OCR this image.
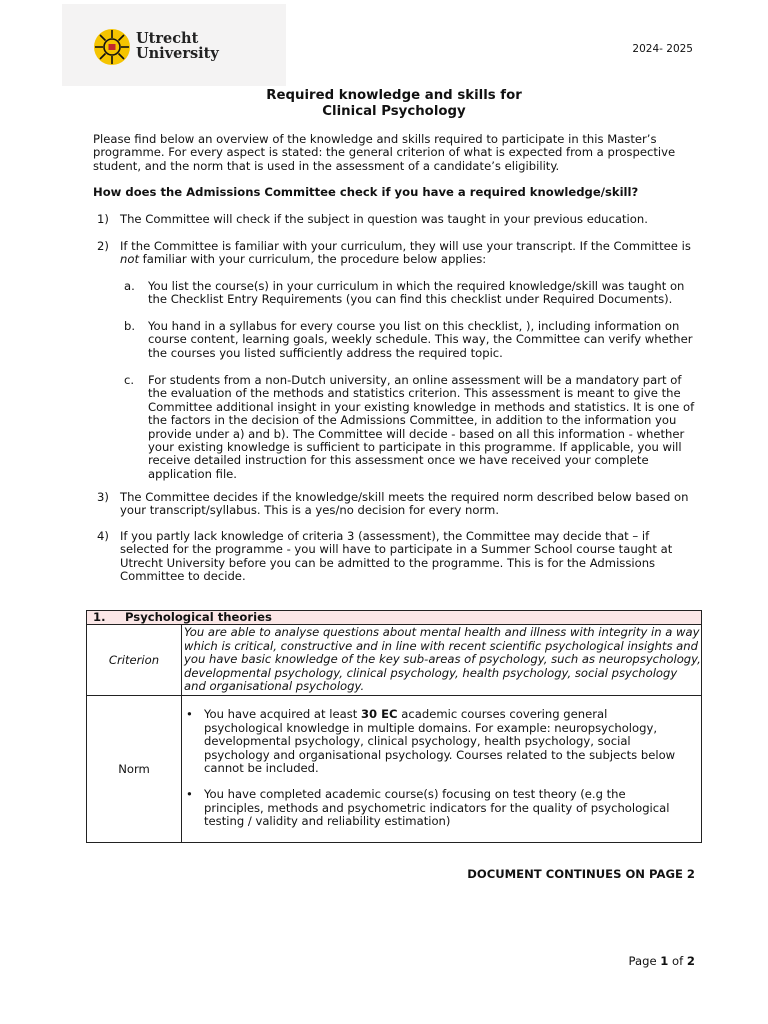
Utrecht
University	2024- 2025
Required knowledge and skills for
Clinical Psychology
Please find below an overview of the knowledge and skills required to participate in this Master’s programme. For every aspect is stated: the general criterion of what is expected from a prospective student, and the norm that is used in the assessment of a candidate’s eligibility.
How does the Admissions Committee check if you have a required knowledge/skill?
1) The Committee will check if the subject in question was taught in your previous education.
2) If the Committee is familiar with your curriculum, they will use your transcript. If the Committee is not familiar with your curriculum, the procedure below applies:
a. You list the course(s) in your curriculum in which the required knowledge/skill was taught on the Checklist Entry Requirements (you can find this checklist under Required Documents).
b. You hand in a syllabus for every course you list on this checklist, ), including information on course content, learning goals, weekly schedule. This way, the Committee can verify whether the courses you listed sufficiently address the required topic.
c. For students from a non-Dutch university, an online assessment will be a mandatory part of the evaluation of the methods and statistics criterion. This assessment is meant to give the Committee additional insight in your existing knowledge in methods and statistics. It is one of the factors in the decision of the Admissions Committee, in addition to the information you provide under a) and b). The Committee will decide - based on all this information - whether your existing knowledge is sufficient to participate in this programme. If applicable, you will receive detailed instruction for this assessment once we have received your complete application file.
3) The Committee decides if the knowledge/skill meets the required norm described below based on your transcript/syllabus. This is a yes/no decision for every norm.
4) If you partly lack knowledge of criteria 3 (assessment), the Committee may decide that – if selected for the programme - you will have to participate in a Summer School course taught at Utrecht University before you can be admitted to the programme. This is for the Admissions Committee to decide.
1. Psychological theories	
Criterion	You are able to analyse questions about mental health and illness with integrity in a way which is critical, constructive and in line with recent scientific psychological insights and you have basic knowledge of the key sub-areas of psychology, such as neuropsychology, developmental psychology, clinical psychology, health psychology, social psychology and organisational psychology.
Norm	• You have acquired at least 30 EC academic courses covering general psychological knowledge in multiple domains. For example: neuropsychology, developmental psychology, clinical psychology, health psychology, social psychology and organisational psychology. Courses related to the subjects below cannot be included.
• You have completed academic course(s) focusing on test theory (e.g the principles, methods and psychometric indicators for the quality of psychological testing / validity and reliability estimation)
DOCUMENT CONTINUES ON PAGE 2
Page 1 of 2
